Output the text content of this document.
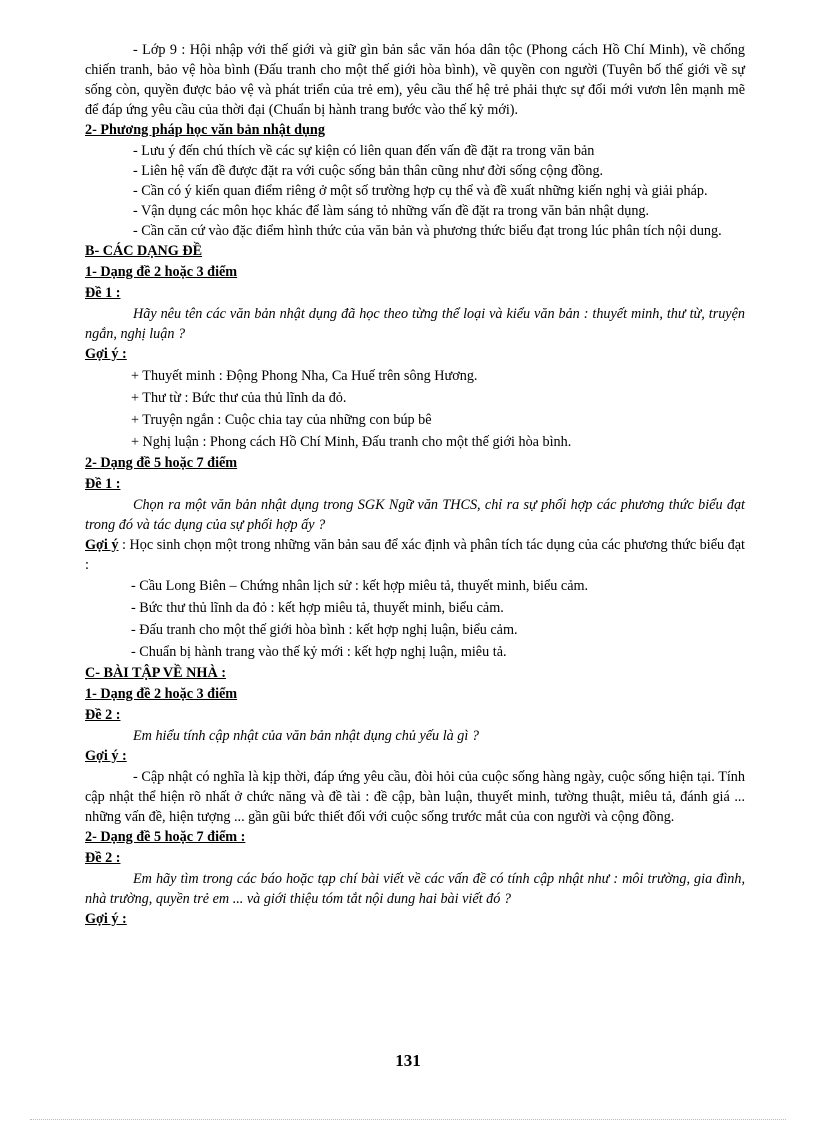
- Lớp 9 : Hội nhập với thế giới và giữ gìn bản sắc văn hóa dân tộc (Phong cách Hồ Chí Minh), về chống chiến tranh, bảo vệ hòa bình (Đấu tranh cho một thế giới hòa bình), về quyền con người (Tuyên bố thế giới về sự sống còn, quyền được bảo vệ và phát triển của trẻ em), yêu cầu thế hệ trẻ phải thực sự đổi mới vươn lên mạnh mẽ để đáp ứng yêu cầu của thời đại (Chuẩn bị hành trang bước vào thế kỷ mới).

2- Phương pháp học văn bản nhật dụng

- Lưu ý đến chú thích về các sự kiện có liên quan đến vấn đề đặt ra trong văn bản

- Liên hệ vấn đề được đặt ra với cuộc sống bản thân cũng như đời sống cộng đồng.

- Cần có ý kiến quan điểm riêng ở một số trường hợp cụ thể và đề xuất những kiến nghị và giải pháp.

- Vận dụng các môn học khác để làm sáng tỏ những vấn đề đặt ra trong văn bản nhật dụng.

- Cần căn cứ vào đặc điểm hình thức của văn bản và phương thức biểu đạt trong lúc phân tích nội dung.

B- CÁC DẠNG ĐỀ

1- Dạng đề 2 hoặc 3 điểm

Đề 1 :

Hãy nêu tên các văn bản nhật dụng đã học theo từng thể loại và kiểu văn bản : thuyết minh, thư từ, truyện ngắn, nghị luận ?

Gợi ý :

+ Thuyết minh : Động Phong Nha, Ca Huế trên sông Hương.

+ Thư từ : Bức thư của thủ lĩnh da đỏ.

+ Truyện ngắn : Cuộc chia tay của những con búp bê

+ Nghị luận : Phong cách Hồ Chí Minh, Đấu tranh cho một thế giới hòa bình.

2- Dạng đề 5 hoặc 7 điểm

Đề 1 :

Chọn ra một văn bản nhật dụng trong SGK Ngữ văn THCS, chỉ ra sự phối hợp các phương thức biểu đạt trong đó và tác dụng của sự phối hợp ấy ?

Gợi ý : Học sinh chọn một trong những văn bản sau để xác định và phân tích tác dụng của các phương thức biểu đạt :

- Cầu Long Biên – Chứng nhân lịch sử : kết hợp miêu tả, thuyết minh, biểu cảm.

- Bức thư thủ lĩnh da đỏ : kết hợp miêu tả, thuyết minh, biểu cảm.

- Đấu tranh cho một thế giới hòa bình : kết hợp nghị luận, biểu cảm.

- Chuẩn bị hành trang vào thế kỷ mới : kết hợp nghị luận, miêu tả.

C- BÀI TẬP VỀ NHÀ :

1- Dạng đề 2 hoặc 3 điểm

Đề 2 :

Em hiểu tính cập nhật của văn bản nhật dụng chủ yếu là gì ?

Gợi ý :

- Cập nhật có nghĩa là kịp thời, đáp ứng yêu cầu, đòi hỏi của cuộc sống hàng ngày, cuộc sống hiện tại. Tính cập nhật thể hiện rõ nhất ở chức năng và đề tài : đề cập, bàn luận, thuyết minh, tường thuật, miêu tả, đánh giá ... những vấn đề, hiện tượng ... gần gũi bức thiết đối với cuộc sống trước mắt của con người và cộng đồng.

2- Dạng đề 5 hoặc 7 điểm :

Đề 2 :

Em hãy tìm trong các báo hoặc tạp chí bài viết về các vấn đề có tính cập nhật như : môi trường, gia đình, nhà trường, quyền trẻ em ... và giới thiệu tóm tắt nội dung hai bài viết đó ?

Gợi ý :

131
